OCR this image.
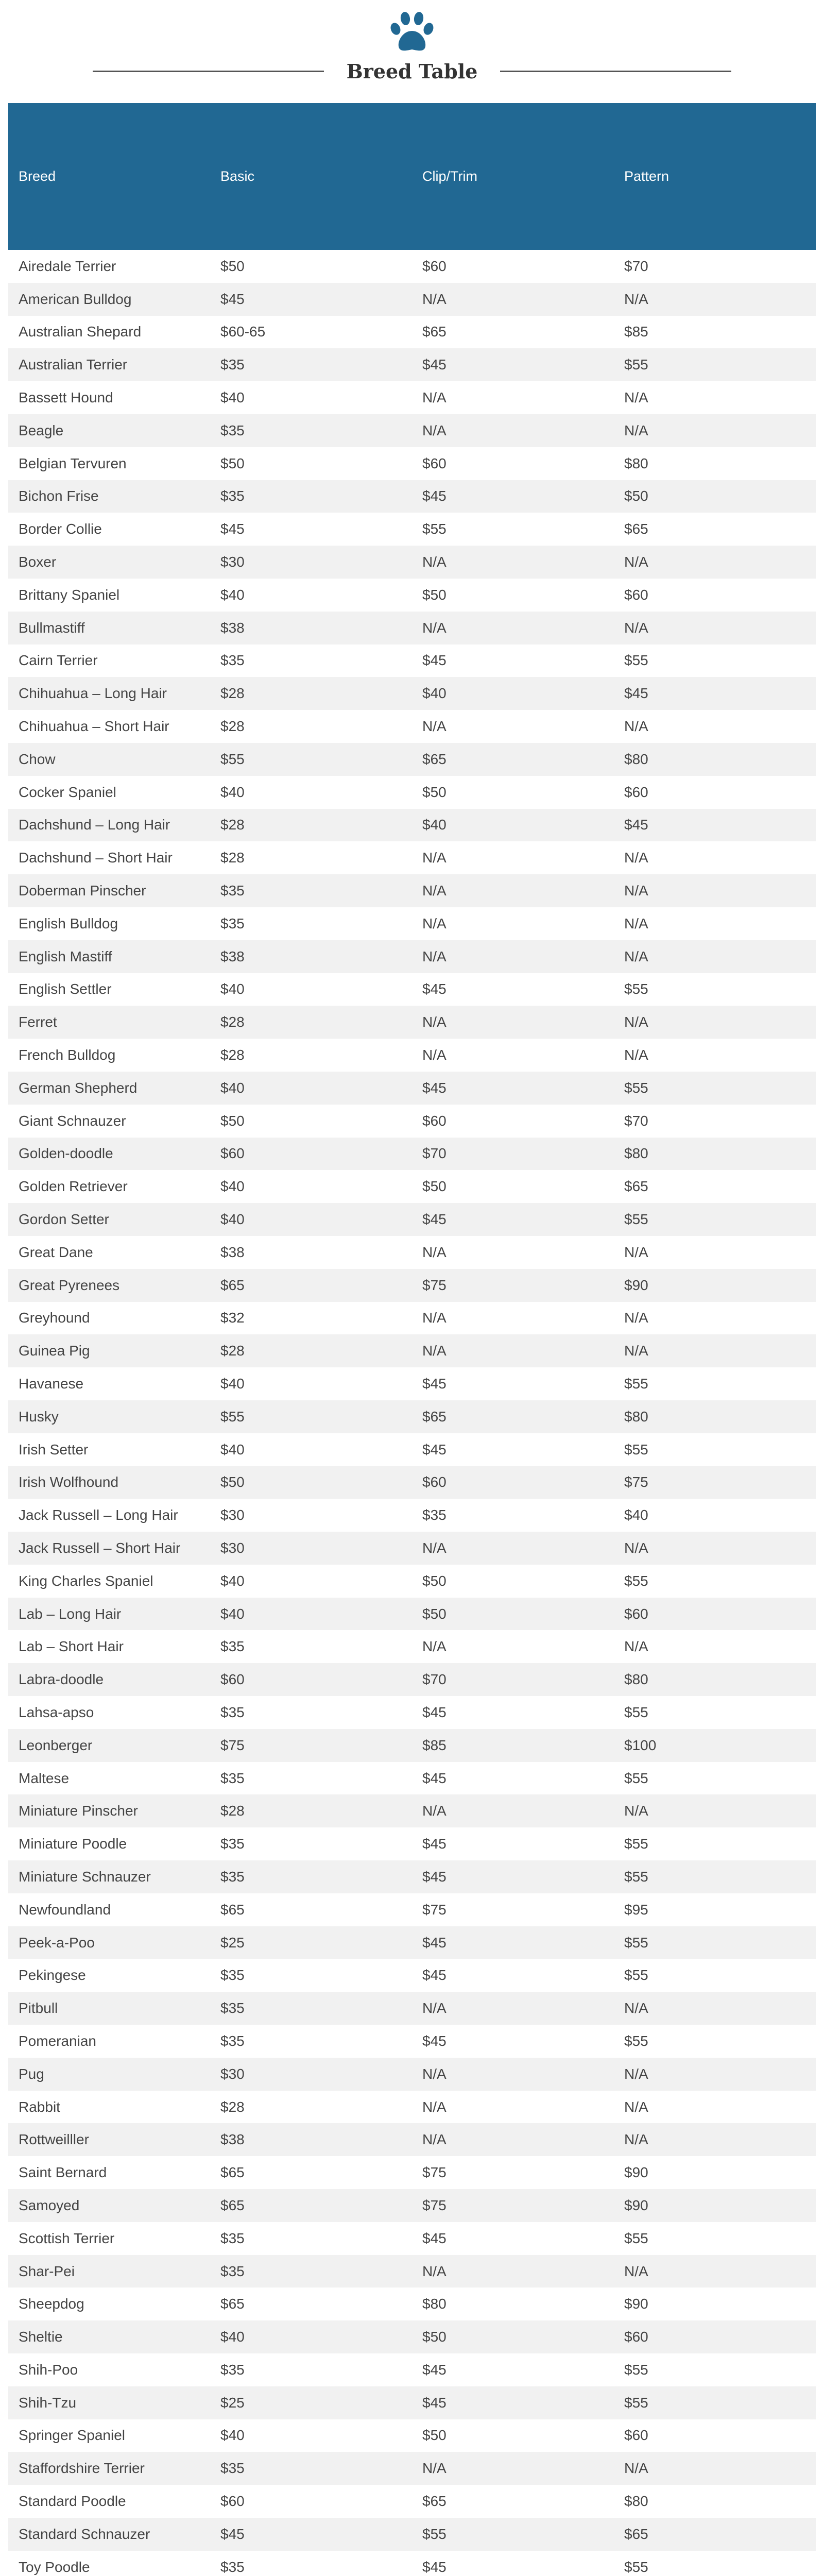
Breed Table
Breed	Basic	Clip/Trim	Pattern
Airedale Terrier	$50	$60	$70
American Bulldog	$45	N/A	N/A
Australian Shepard	$60-65	$65	$85
Australian Terrier	$35	$45	$55
Bassett Hound	$40	N/A	N/A
Beagle	$35	N/A	N/A
Belgian Tervuren	$50	$60	$80
Bichon Frise	$35	$45	$50
Border Collie	$45	$55	$65
Boxer	$30	N/A	N/A
Brittany Spaniel	$40	$50	$60
Bullmastiff	$38	N/A	N/A
Cairn Terrier	$35	$45	$55
Chihuahua – Long Hair	$28	$40	$45
Chihuahua – Short Hair	$28	N/A	N/A
Chow	$55	$65	$80
Cocker Spaniel	$40	$50	$60
Dachshund – Long Hair	$28	$40	$45
Dachshund – Short Hair	$28	N/A	N/A
Doberman Pinscher	$35	N/A	N/A
English Bulldog	$35	N/A	N/A
English Mastiff	$38	N/A	N/A
English Settler	$40	$45	$55
Ferret	$28	N/A	N/A
French Bulldog	$28	N/A	N/A
German Shepherd	$40	$45	$55
Giant Schnauzer	$50	$60	$70
Golden-doodle	$60	$70	$80
Golden Retriever	$40	$50	$65
Gordon Setter	$40	$45	$55
Great Dane	$38	N/A	N/A
Great Pyrenees	$65	$75	$90
Greyhound	$32	N/A	N/A
Guinea Pig	$28	N/A	N/A
Havanese	$40	$45	$55
Husky	$55	$65	$80
Irish Setter	$40	$45	$55
Irish Wolfhound	$50	$60	$75
Jack Russell – Long Hair	$30	$35	$40
Jack Russell – Short Hair	$30	N/A	N/A
King Charles Spaniel	$40	$50	$55
Lab – Long Hair	$40	$50	$60
Lab – Short Hair	$35	N/A	N/A
Labra-doodle	$60	$70	$80
Lahsa-apso	$35	$45	$55
Leonberger	$75	$85	$100
Maltese	$35	$45	$55
Miniature Pinscher	$28	N/A	N/A
Miniature Poodle	$35	$45	$55
Miniature Schnauzer	$35	$45	$55
Newfoundland	$65	$75	$95
Peek-a-Poo	$25	$45	$55
Pekingese	$35	$45	$55
Pitbull	$35	N/A	N/A
Pomeranian	$35	$45	$55
Pug	$30	N/A	N/A
Rabbit	$28	N/A	N/A
Rottweilller	$38	N/A	N/A
Saint Bernard	$65	$75	$90
Samoyed	$65	$75	$90
Scottish Terrier	$35	$45	$55
Shar-Pei	$35	N/A	N/A
Sheepdog	$65	$80	$90
Sheltie	$40	$50	$60
Shih-Poo	$35	$45	$55
Shih-Tzu	$25	$45	$55
Springer Spaniel	$40	$50	$60
Staffordshire Terrier	$35	N/A	N/A
Standard Poodle	$60	$65	$80
Standard Schnauzer	$45	$55	$65
Toy Poodle	$35	$45	$55
